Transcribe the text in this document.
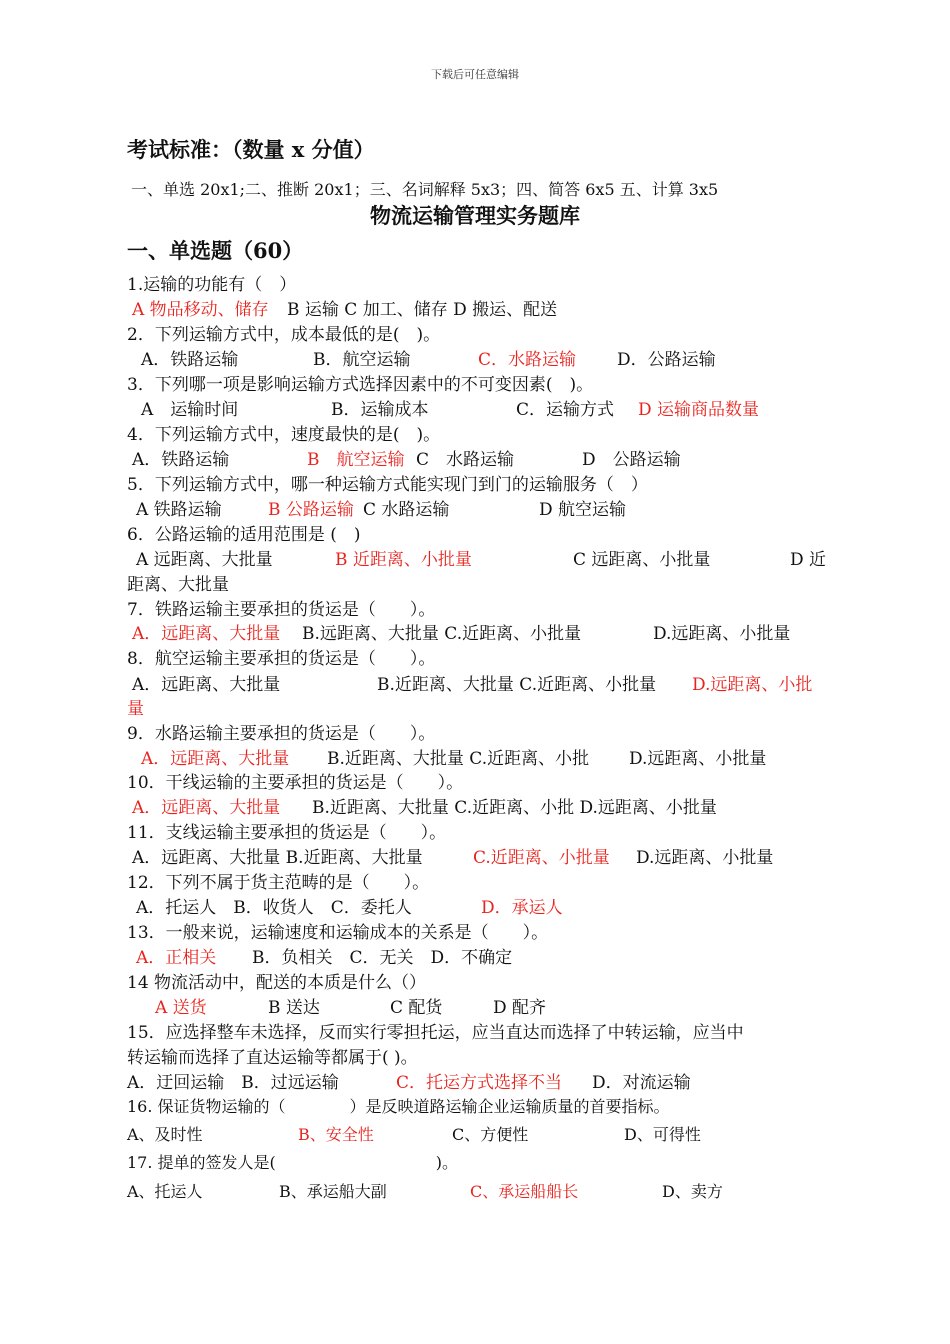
下载后可任意编辑
考试标准：（数量 x 分值）
一、单选 20x1;二、推断 20x1；三、名词解释 5x3；四、简答 6x5 五、计算 3x5
物流运输管理实务题库
一、单选题（60）
1.运输的功能有（　）
A 物品移动、储存 B 运输 C 加工、储存 D 搬运、配送
2．下列运输方式中，成本最低的是(　)。
A．铁路运输	B．航空运输	C．水路运输 D．公路运输
3．下列哪一项是影响运输方式选择因素中的不可变因素(　)。
A　运输时间	B．运输成本	C．运输方式 D 运输商品数量
4．下列运输方式中，速度最快的是(　)。
A．铁路运输	B　航空运输 C　水路运输	D　公路运输
5．下列运输方式中，哪一种运输方式能实现门到门的运输服务（　）
A 铁路运输	B 公路运输 C 水路运输	D 航空运输
6．公路运输的适用范围是 (　)
A 远距离、大批量	B 近距离、小批量	C 远距离、小批量	D 近
距离、大批量
7．铁路运输主要承担的货运是（　　）。
A．远距离、大批量 B.远距离、大批量 C.近距离、小批量	D.远距离、小批量
8．航空运输主要承担的货运是（　　）。
A．远距离、大批量	B.近距离、大批量 C.近距离、小批量 D.远距离、小批
量
9．水路运输主要承担的货运是（　　）。
A．远距离、大批量 B.近距离、大批量 C.近距离、小批 D.远距离、小批量
10．干线运输的主要承担的货运是（　　）。
A．远距离、大批量 B.近距离、大批量 C.近距离、小批 D.远距离、小批量
11．支线运输主要承担的货运是（　　）。
A．远距离、大批量 B.近距离、大批量	C.近距离、小批量 D.远距离、小批量
12．下列不属于货主范畴的是（　　）。
A．托运人　B．收货人　C．委托人	D．承运人
13．一般来说，运输速度和运输成本的关系是（　　）。
A．正相关 B．负相关　C．无关　D．不确定
14 物流活动中，配送的本质是什么（）
A 送货	B 送达	C 配货	D 配齐
15．应选择整车未选择，反而实行零担托运，应当直达而选择了中转运输，应当中
转运输而选择了直达运输等都属于( )。
A．迂回运输　B．过远运输	C．托运方式选择不当 D．对流运输
16. 保证货物运输的（　　　　）是反映道路运输企业运输质量的首要指标。
A、及时性	B、安全性	C、方便性	D、可得性
17. 提单的签发人是(　　　　　　　　　　)。
A、托运人	B、承运船大副	C、承运船船长	D、卖方
